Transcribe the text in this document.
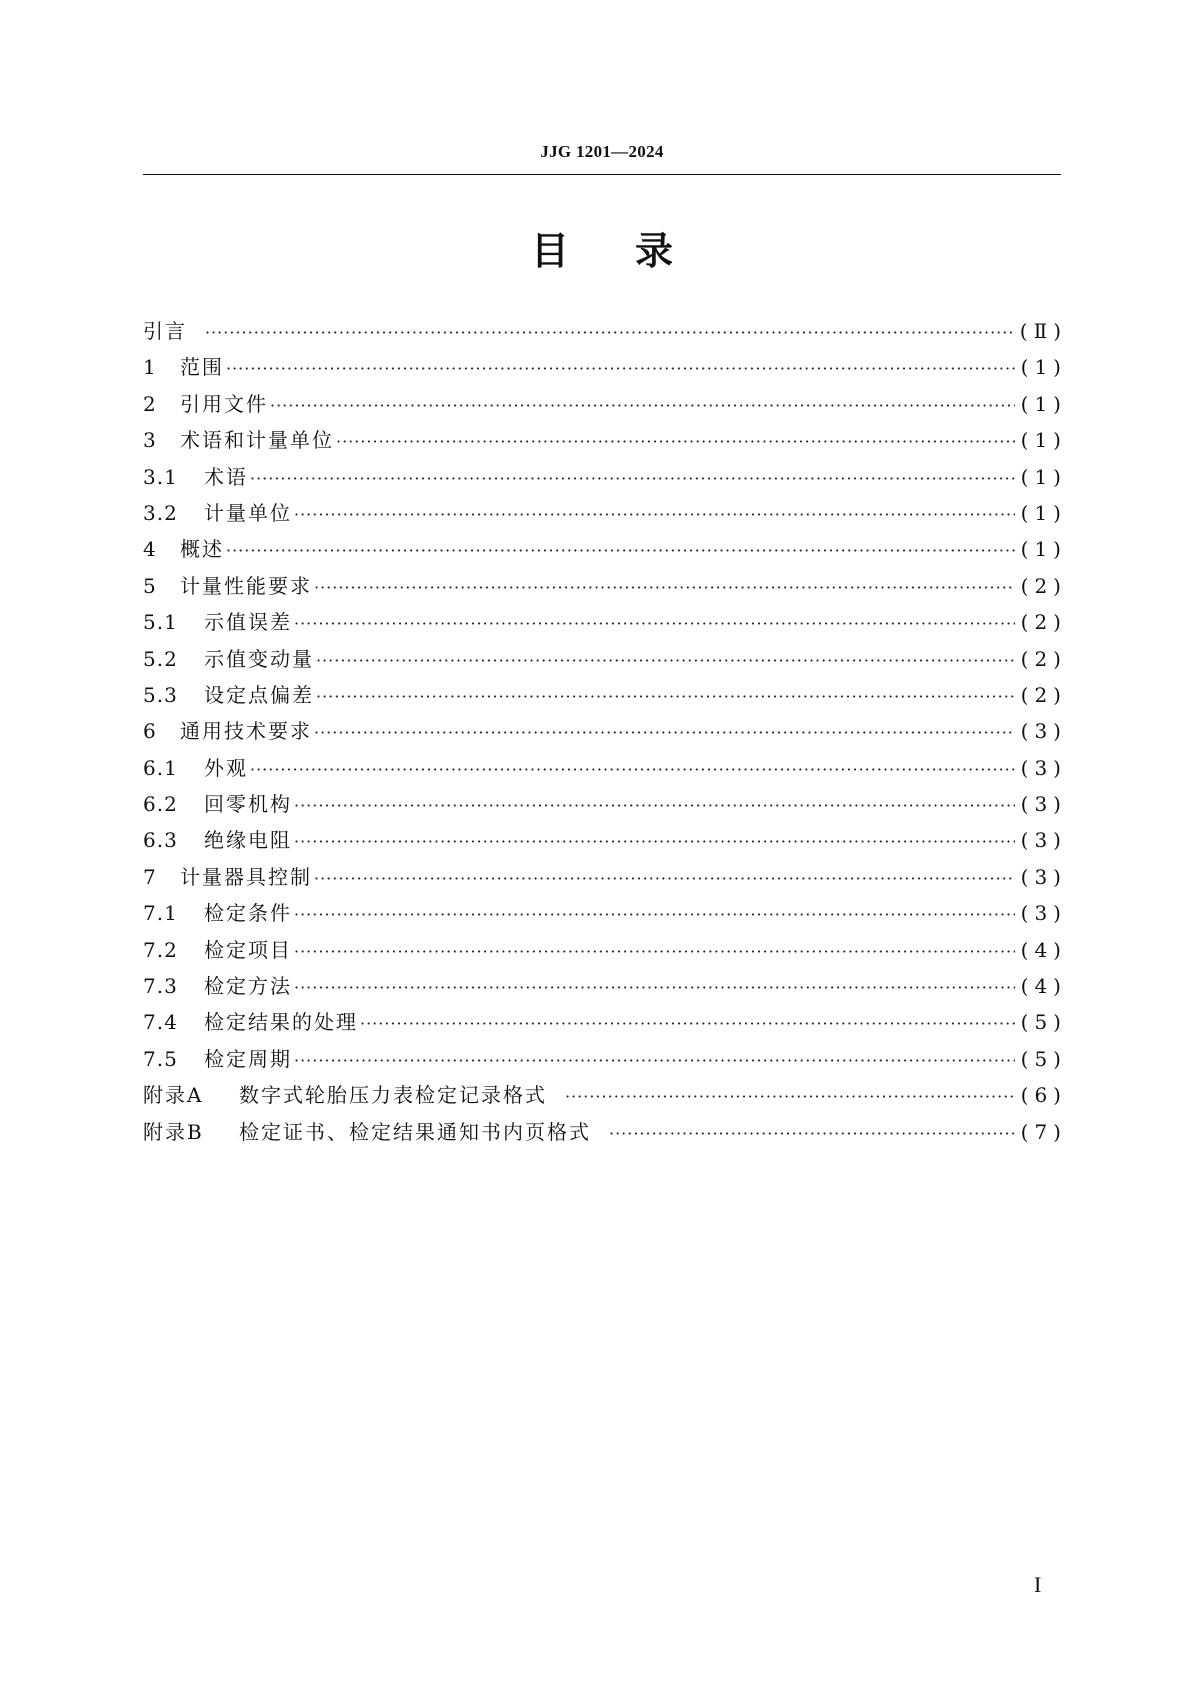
JJG 1201—2024
目录
引言 ·····	(Ⅱ)
1 范围 ·····	(1)
2 引用文件 ·····	(1)
3 术语和计量单位 ·····	(1)
3.1 术语 ·····	(1)
3.2 计量单位 ·····	(1)
4 概述 ·····	(1)
5 计量性能要求 ·····	(2)
5.1 示值误差 ·····	(2)
5.2 示值变动量 ·····	(2)
5.3 设定点偏差 ·····	(2)
6 通用技术要求 ·····	(3)
6.1 外观 ·····	(3)
6.2 回零机构 ·····	(3)
6.3 绝缘电阻 ·····	(3)
7 计量器具控制 ·····	(3)
7.1 检定条件 ·····	(3)
7.2 检定项目 ·····	(4)
7.3 检定方法 ·····	(4)
7.4 检定结果的处理 ·····	(5)
7.5 检定周期 ·····	(5)
附录A 数字式轮胎压力表检定记录格式 ·····	(6)
附录B 检定证书、检定结果通知书内页格式 ·····	(7)
I
